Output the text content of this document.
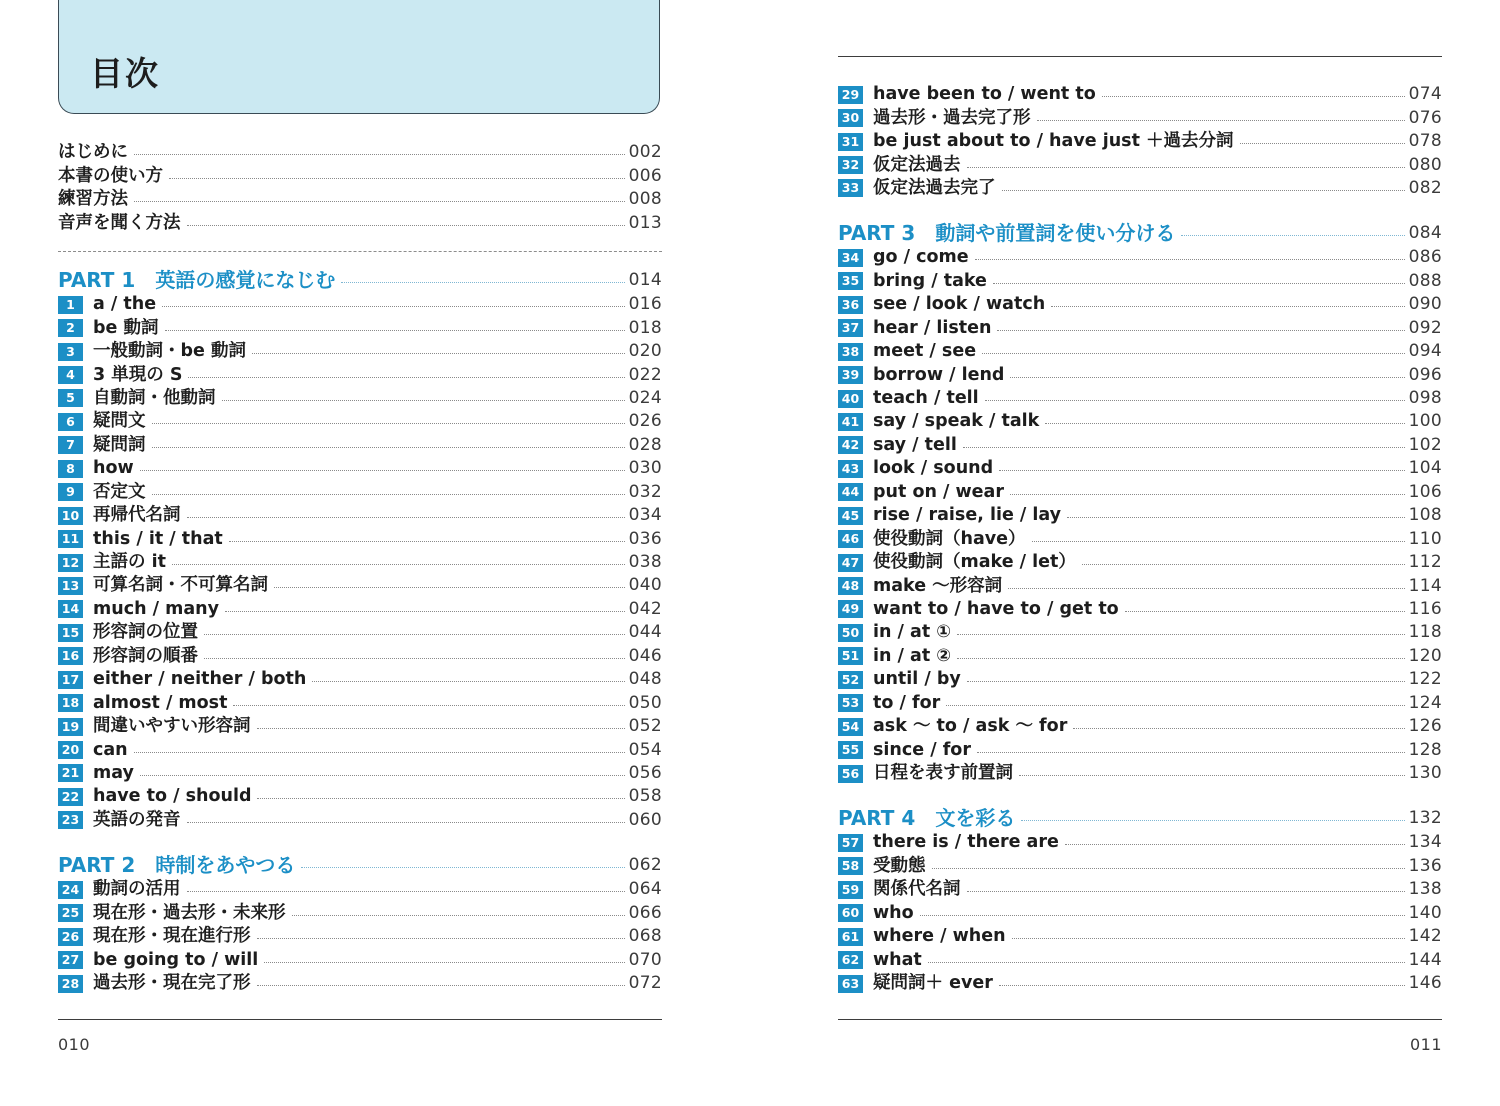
目次
はじめに	002
本書の使い方	006
練習方法	008
音声を聞く方法	013
PART 1　英語の感覚になじむ	014
1	a / the	016
2	be 動詞	018
3	一般動詞・be 動詞	020
4	3 単現の S	022
5	自動詞・他動詞	024
6	疑問文	026
7	疑問詞	028
8	how	030
9	否定文	032
10 再帰代名詞	034
11 this / it / that	036
12 主語の it	038
13 可算名詞・不可算名詞	040
14 much / many	042
15 形容詞の位置	044
16 形容詞の順番	046
17 either / neither / both	048
18 almost / most	050
19 間違いやすい形容詞	052
20 can	054
21 may	056
22 have to / should	058
23 英語の発音	060
PART 2　時制をあやつる	062
24 動詞の活用	064
25 現在形・過去形・未来形	066
26 現在形・現在進行形	068
27 be going to / will	070
28 過去形・現在完了形	072
010
29 have been to / went to	074
30 過去形・過去完了形	076
31 be just about to / have just ＋過去分詞	078
32 仮定法過去	080
33 仮定法過去完了	082
PART 3　動詞や前置詞を使い分ける	084
34 go / come	086
35 bring / take	088
36 see / look / watch	090
37 hear / listen	092
38 meet / see	094
39 borrow / lend	096
40 teach / tell	098
41 say / speak / talk	100
42 say / tell	102
43 look / sound	104
44 put on / wear	106
45 rise / raise, lie / lay	108
46 使役動詞（have）	110
47 使役動詞（make / let）	112
48 make ～形容詞	114
49 want to / have to / get to	116
50 in / at ①	118
51 in / at ②	120
52 until / by	122
53 to / for	124
54 ask ～ to / ask ～ for	126
55 since / for	128
56 日程を表す前置詞	130
PART 4　文を彩る	132
57 there is / there are	134
58 受動態	136
59 関係代名詞	138
60 who	140
61 where / when	142
62 what	144
63 疑問詞＋ ever	146
011
